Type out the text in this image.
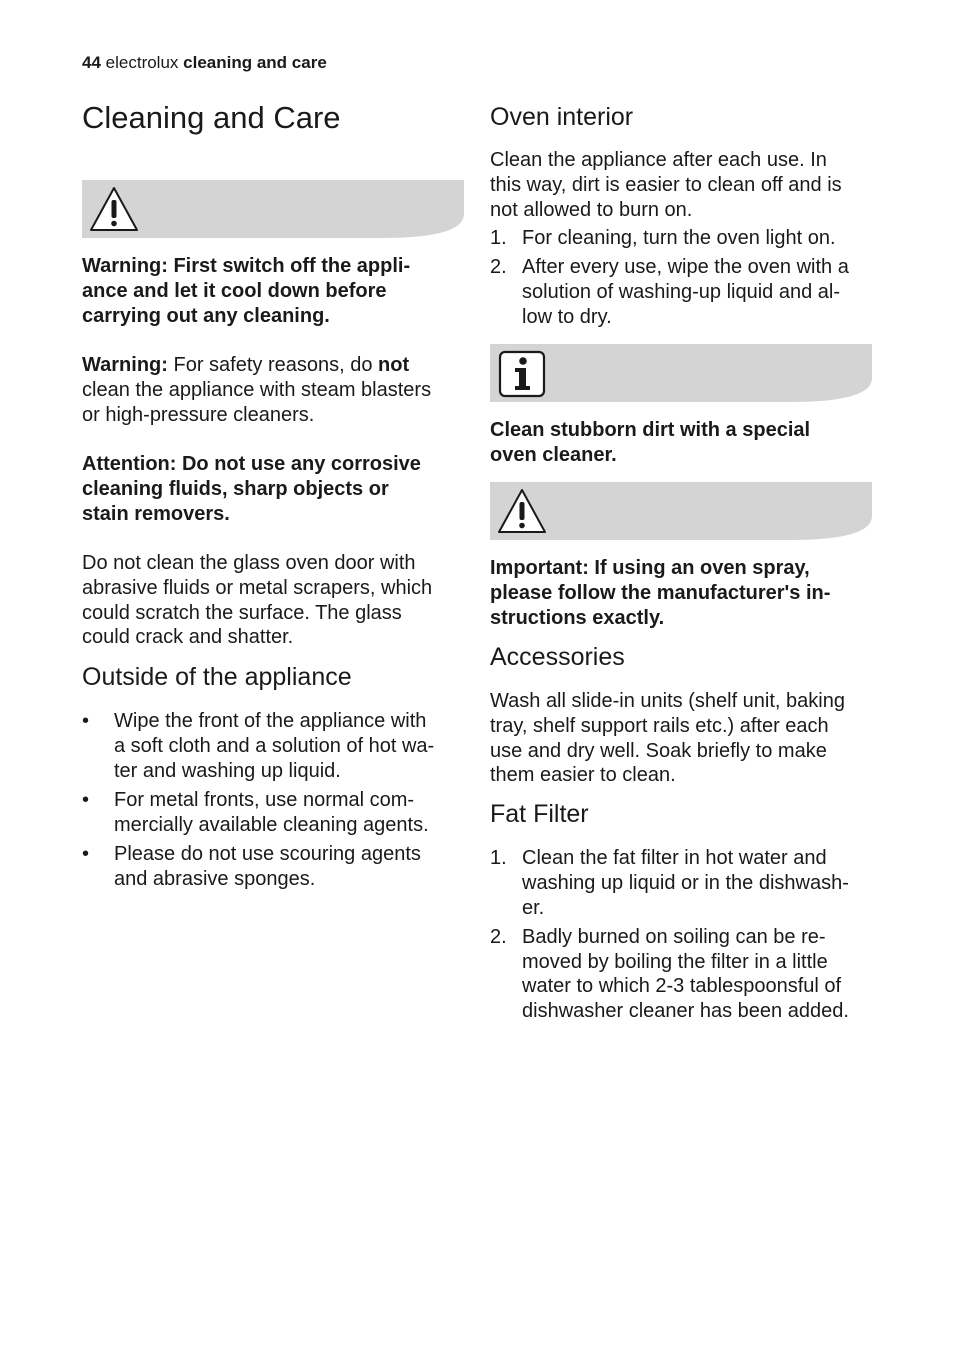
44 electrolux cleaning and care
Cleaning and Care

Warning: First switch off the appli-
ance and let it cool down before
carrying out any cleaning.

Warning: For safety reasons, do not
clean the appliance with steam blasters
or high-pressure cleaners.

Attention: Do not use any corrosive
cleaning fluids, sharp objects or
stain removers.

Do not clean the glass oven door with
abrasive fluids or metal scrapers, which
could scratch the surface. The glass
could crack and shatter.

Outside of the appliance
• Wipe the front of the appliance with
a soft cloth and a solution of hot wa-
ter and washing up liquid.
• For metal fronts, use normal com-
mercially available cleaning agents.
• Please do not use scouring agents
and abrasive sponges.
Oven interior

Clean the appliance after each use. In
this way, dirt is easier to clean off and is
not allowed to burn on.

1. For cleaning, turn the oven light on.
2. After every use, wipe the oven with a
solution of washing-up liquid and al-
low to dry.

Clean stubborn dirt with a special
oven cleaner.

Important: If using an oven spray,
please follow the manufacturer's in-
structions exactly.

Accessories

Wash all slide-in units (shelf unit, baking
tray, shelf support rails etc.) after each
use and dry well. Soak briefly to make
them easier to clean.

Fat Filter
1. Clean the fat filter in hot water and
washing up liquid or in the dishwash-
er.
2. Badly burned on soiling can be re-
moved by boiling the filter in a little
water to which 2-3 tablespoonsful of
dishwasher cleaner has been added.
